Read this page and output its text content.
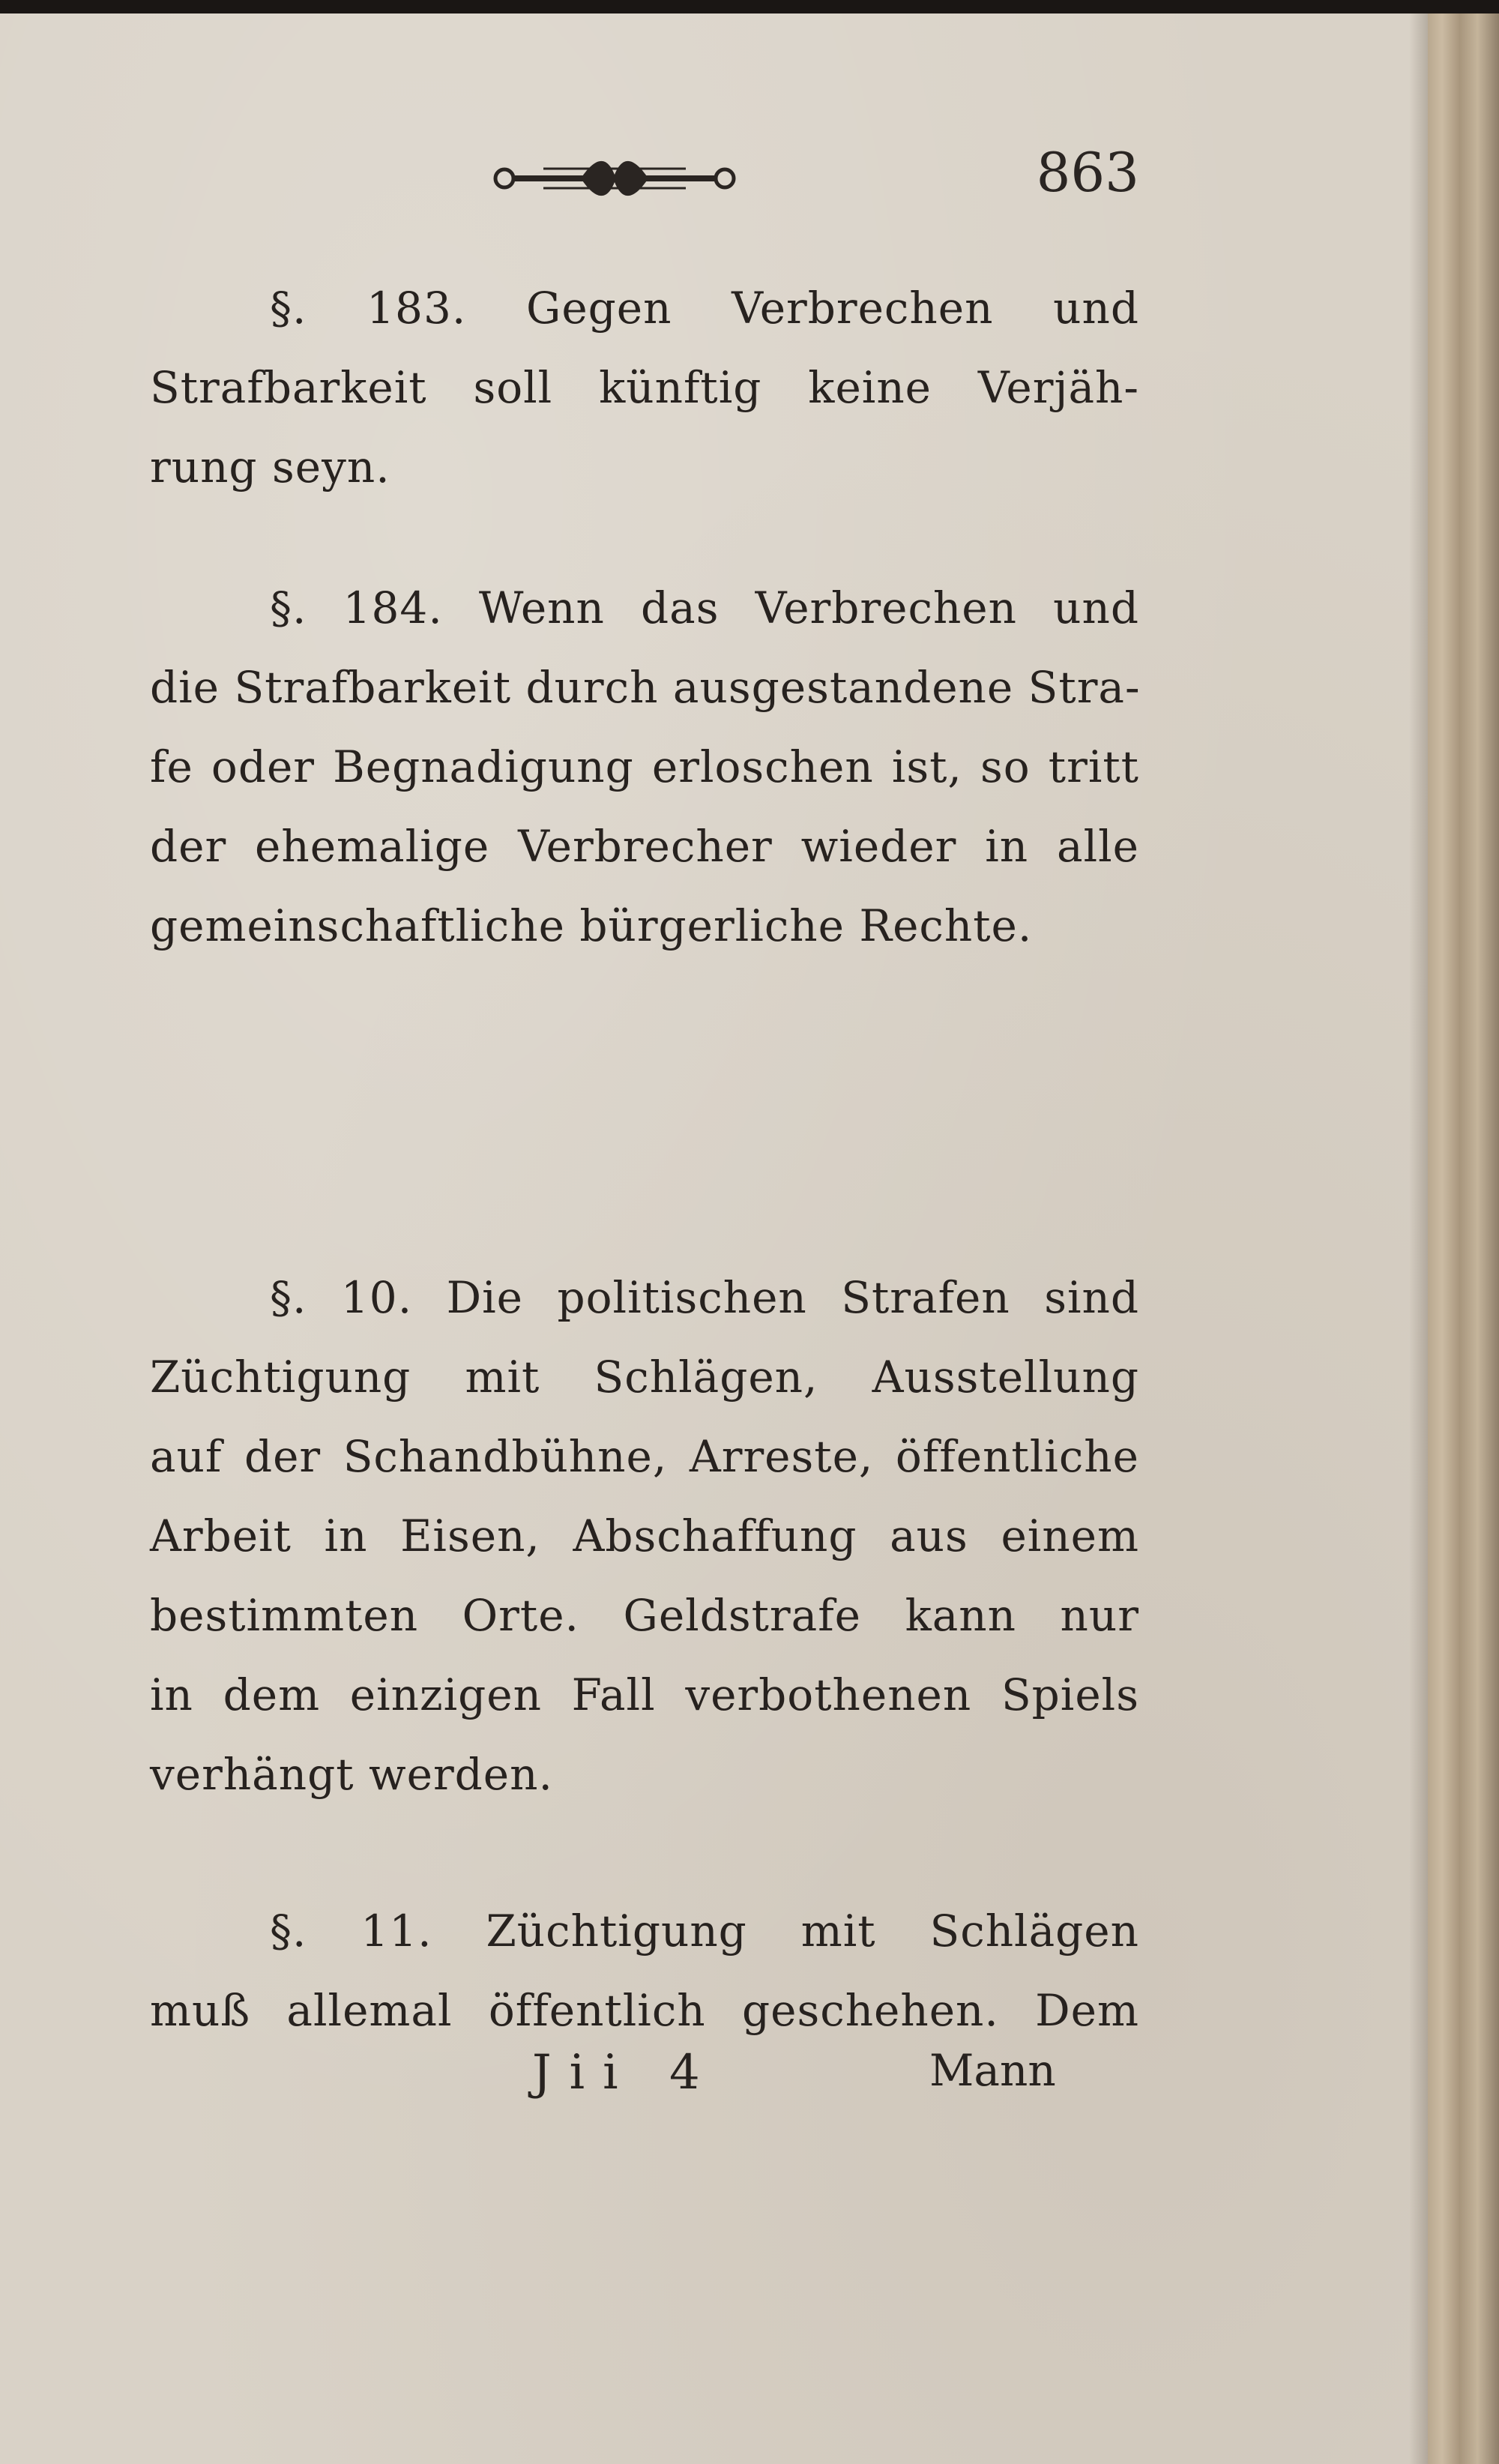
863
§. 183. Gegen Verbrechen und
Strafbarkeit soll künftig keine Verjäh-
rung seyn.
§. 184. Wenn das Verbrechen und
die Strafbarkeit durch ausgestandene Stra-
fe oder Begnadigung erloschen ist, so tritt
der ehemalige Verbrecher wieder in alle
gemeinschaftliche bürgerliche Rechte.
§. 10. Die politischen Strafen sind
Züchtigung mit Schlägen, Ausstellung
auf der Schandbühne, Arreste, öffentliche
Arbeit in Eisen, Abschaffung aus einem
bestimmten Orte. Geldstrafe kann nur
in dem einzigen Fall verbothenen Spiels
verhängt werden.
§. 11. Züchtigung mit Schlägen
muß allemal öffentlich geschehen. Dem
Jii 4	Mann
